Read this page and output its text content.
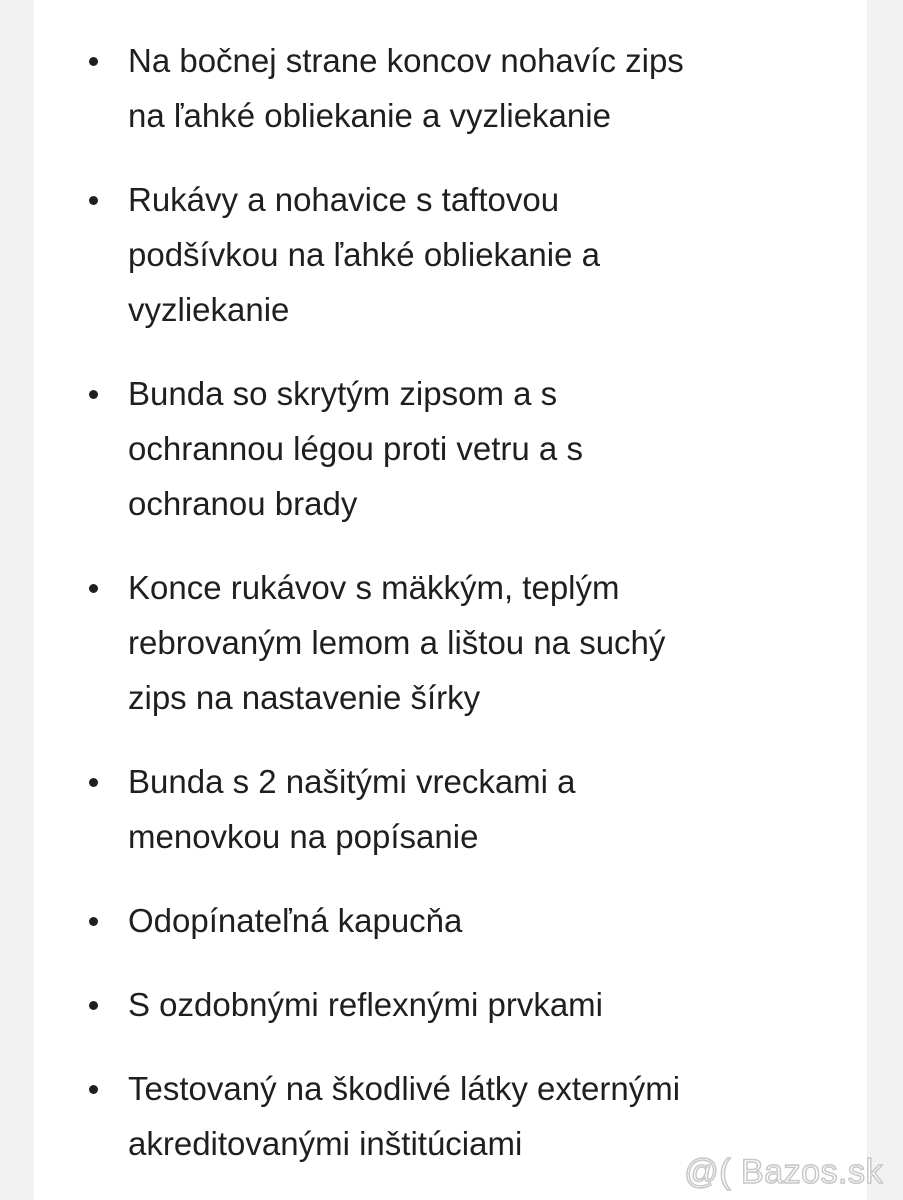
Na bočnej strane koncov nohavíc zips
na ľahké obliekanie a vyzliekanie
Rukávy a nohavice s taftovou
podšívkou na ľahké obliekanie a
vyzliekanie
Bunda so skrytým zipsom a s
ochrannou légou proti vetru a s
ochranou brady
Konce rukávov s mäkkým, teplým
rebrovaným lemom a lištou na suchý
zips na nastavenie šírky
Bunda s 2 našitými vreckami a
menovkou na popísanie
Odopínateľná kapucňa
S ozdobnými reflexnými prvkami
Testovaný na škodlivé látky externými
akreditovanými inštitúciami
@( Bazos.sk
